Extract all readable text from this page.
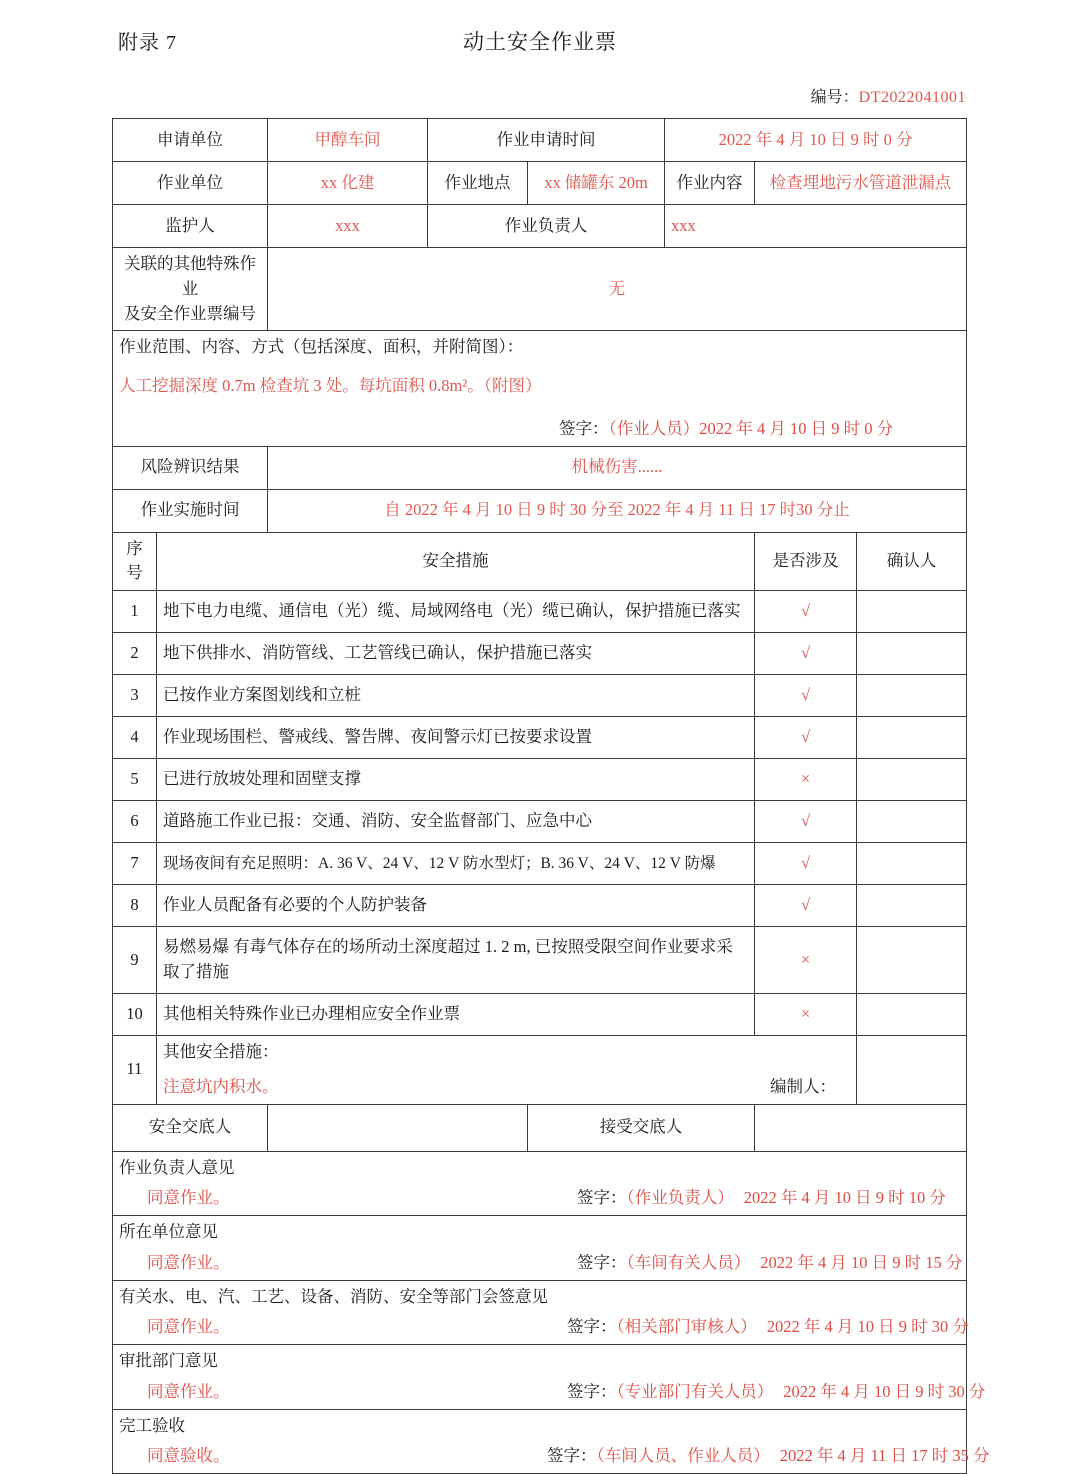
附录 7	动土安全作业票
编号：DT2022041001
申请单位		甲醇车间	作业申请时间		2022 年 4 月 10 日 9 时 0 分		
作业单位		xx 化建	作业地点	xx 储罐东 20m	作业内容	检查埋地污水管道泄漏点	
监护人		xxx	作业负责人		xxx		

关联的其他特殊作业
及安全作业票编号		无					

作业范围、内容、方式（包括深度、面积，并附简图）：
人工挖掘深度 0.7m 检查坑 3 处。每坑面积 0.8m²。（附图）
签字：（作业人员）2022 年 4 月 10 日 9 时 0 分							

风险辨识结果		机械伤害......					
作业实施时间		自 2022 年 4 月 10 日 9 时 30 分至 2022 年 4 月 11 日 17 时30 分止					
序号	安全措施					是否涉及	确认人
1	地下电力电缆、通信电（光）缆、局域网络电（光）缆已确认，保护措施已落实					√	
2	地下供排水、消防管线、工艺管线已确认，保护措施已落实					√	
3	已按作业方案图划线和立桩					√	
4	作业现场围栏、警戒线、警告牌、夜间警示灯已按要求设置					√	
5	已进行放坡处理和固壁支撑					×	
6	道路施工作业已报：交通、消防、安全监督部门、应急中心					√	
7	现场夜间有充足照明：A. 36 V、24 V、12 V 防水型灯；B. 36 V、24 V、12 V 防爆					√	
8	作业人员配备有必要的个人防护装备					√	
9	易燃易爆 有毒气体存在的场所动土深度超过 1. 2 m, 已按照受限空间作业要求采 取了措施					×	
10	其他相关特殊作业已办理相应安全作业票					×	
11	其他安全措施：
注意坑内积水。 编制人：						

安全交底人				接受交底人			

作业负责人意见
同意作业。 签字：（作业负责人） 2022 年 4 月 10 日 9 时 10 分							

所在单位意见
同意作业。 签字：（车间有关人员） 2022 年 4 月 10 日 9 时 15 分							

有关水、电、汽、工艺、设备、消防、安全等部门会签意见
同意作业。 签字：（相关部门审核人） 2022 年 4 月 10 日 9 时 30 分							

审批部门意见
同意作业。 签字：（专业部门有关人员） 2022 年 4 月 10 日 9 时 30 分							

完工验收
同意验收。 签字：（车间人员、作业人员） 2022 年 4 月 11 日 17 时 35 分							
